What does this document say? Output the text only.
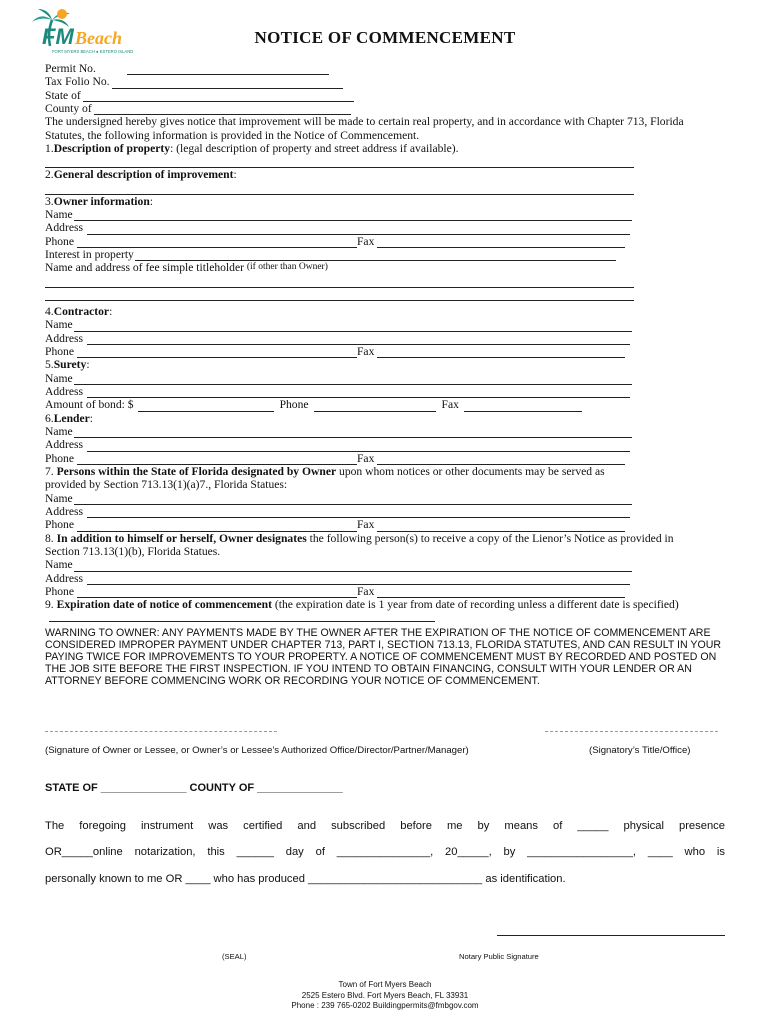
FM Beach
FORT MYERS BEACH ● ESTERO ISLAND
NOTICE OF COMMENCEMENT
Permit No.
Tax Folio No.
State of
County of
The undersigned hereby gives notice that improvement will be made to certain real property, and in accordance with Chapter 713, Florida Statutes, the following information is provided in the Notice of Commencement.
1. Description of property : (legal description of property and street address if available).
2. General description of improvement :
3. Owner information :
Name
Address
Phone	Fax
Interest in property
Name and address of fee simple titleholder
(if other than Owner)
4. Contractor :
Name
Address
Phone	Fax
5. Surety :
Name
Address
Amount of bond: $	Phone	Fax
6. Lender :
Name
Address
Phone	Fax
7. Persons within the State of Florida designated by Owner upon whom notices or other documents may be served as provided by Section 713.13(1)(a)7., Florida Statues:
Name
Address
Phone	Fax
8. In addition to himself or herself, Owner designates the following person(s) to receive a copy of the Lienor’s Notice as provided in Section 713.13(1)(b), Florida Statues.
Name
Address
Phone	Fax
9. Expiration date of notice of commencement (the expiration date is 1 year from date of recording unless a different date is specified)
WARNING TO OWNER: ANY PAYMENTS MADE BY THE OWNER AFTER THE EXPIRATION OF THE NOTICE OF COMMENCEMENT ARE CONSIDERED IMPROPER PAYMENT UNDER CHAPTER 713, PART I, SECTION 713.13, FLORIDA STATUTES, AND CAN RESULT IN YOUR PAYING TWICE FOR IMPROVEMENTS TO YOUR PROPERTY. A NOTICE OF COMMENCEMENT MUST BY RECORDED AND POSTED ON THE JOB SITE BEFORE THE FIRST INSPECTION. IF YOU INTEND TO OBTAIN FINANCING, CONSULT WITH YOUR LENDER OR AN ATTORNEY BEFORE COMMENCING WORK OR RECORDING YOUR NOTICE OF COMMENCEMENT.
(Signature of Owner or Lessee, or Owner’s or Lessee’s Authorized Office/Director/Partner/Manager)	(Signatory’s Title/Office)
STATE OF ______________ COUNTY OF ______________
The foregoing instrument was certified and subscribed before me by means of _____ physical presence
OR_____online notarization, this ______ day of _______________, 20_____, by _________________, ____ who is
personally known to me OR ____ who has produced ____________________________ as identification.
(SEAL)	Notary Public Signature
Town of Fort Myers Beach
2525 Estero Blvd. Fort Myers Beach, FL 33931
Phone : 239 765-0202 Buildingpermits@fmbgov.com
